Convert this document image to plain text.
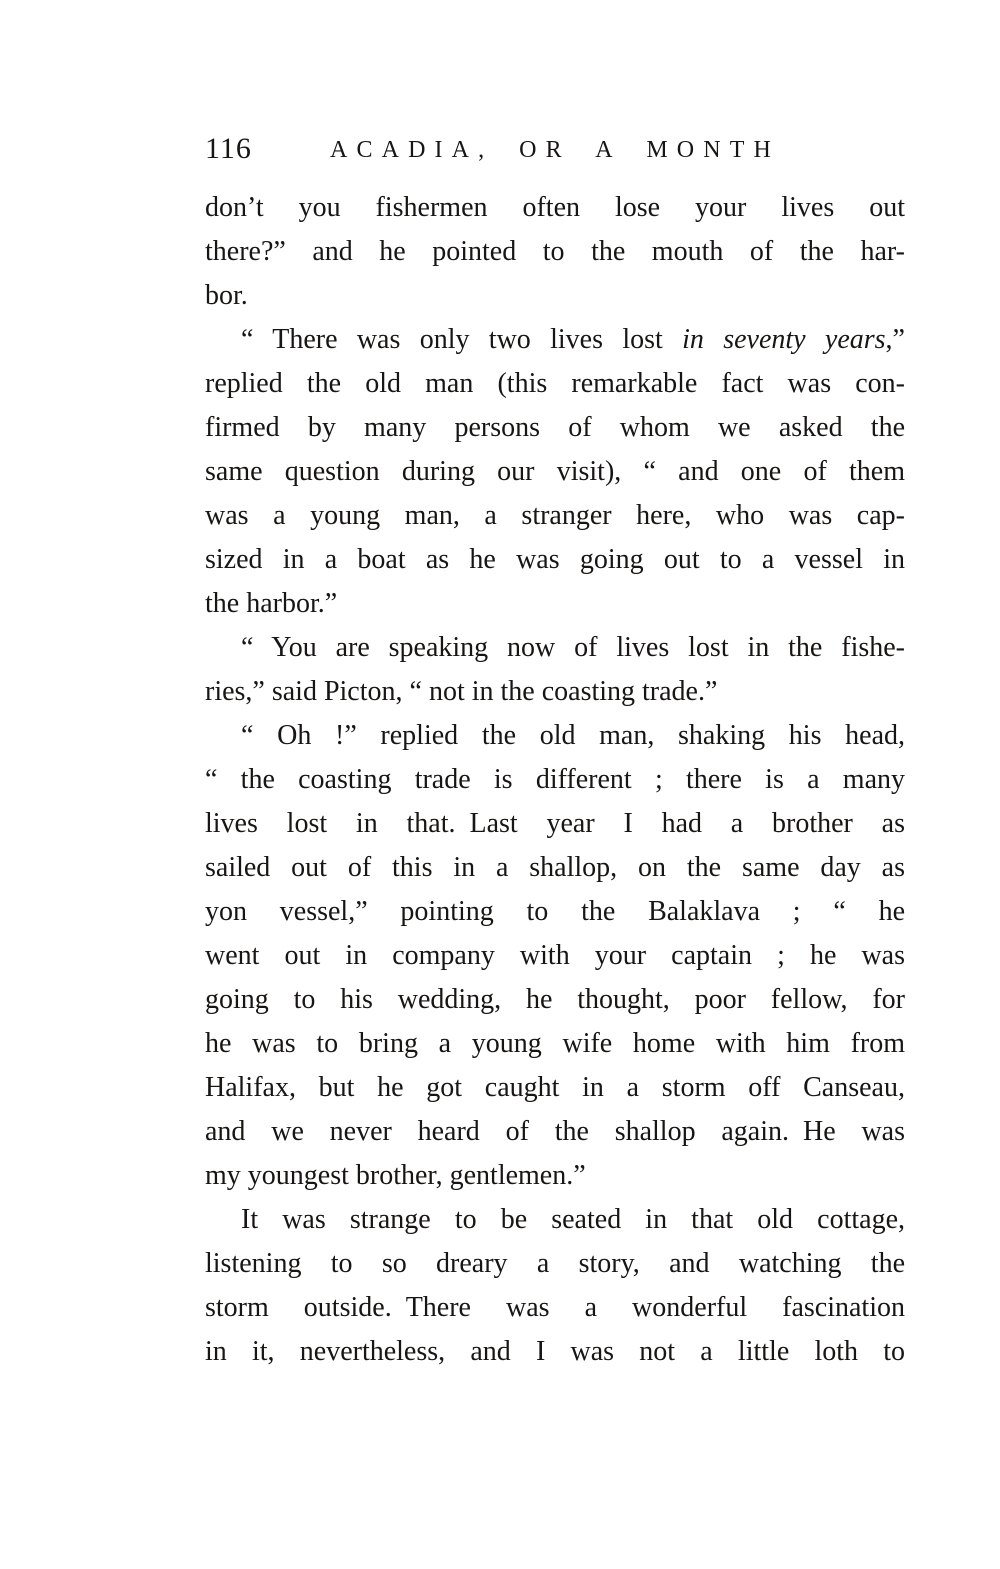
116	ACADIA, OR A MONTH
don’t you fishermen often lose your lives out
there?” and he pointed to the mouth of the har-
bor.
“ There was only two lives lost in seventy years,”
replied the old man (this remarkable fact was con-
firmed by many persons of whom we asked the
same question during our visit), “ and one of them
was a young man, a stranger here, who was cap-
sized in a boat as he was going out to a vessel in
the harbor.”
“ You are speaking now of lives lost in the fishe-
ries,” said Picton, “ not in the coasting trade.”
“ Oh !” replied the old man, shaking his head,
“ the coasting trade is different ; there is a many
lives lost in that. Last year I had a brother as
sailed out of this in a shallop, on the same day as
yon vessel,” pointing to the Balaklava ; “ he
went out in company with your captain ; he was
going to his wedding, he thought, poor fellow, for
he was to bring a young wife home with him from
Halifax, but he got caught in a storm off Canseau,
and we never heard of the shallop again. He was
my youngest brother, gentlemen.”
It was strange to be seated in that old cottage,
listening to so dreary a story, and watching the
storm outside. There was a wonderful fascination
in it, nevertheless, and I was not a little loth to
